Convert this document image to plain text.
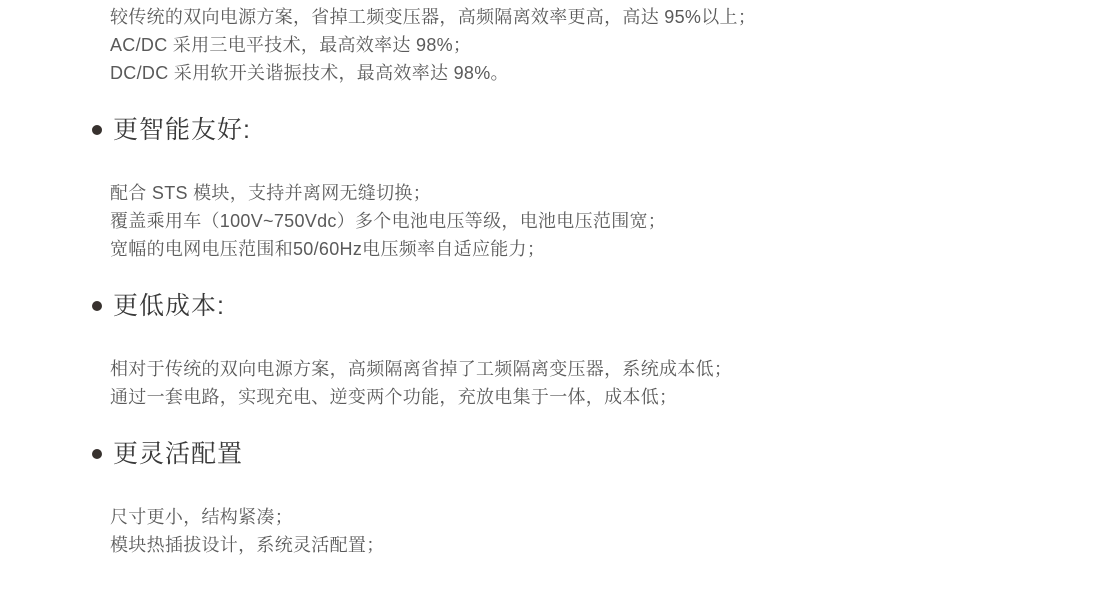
较传统的双向电源方案，省掉工频变压器，高频隔离效率更高，高达 95%以上；

AC/DC 采用三电平技术，最高效率达 98%；

DC/DC 采用软开关谐振技术，最高效率达 98%。

更智能友好:

配合 STS 模块，支持并离网无缝切换；

覆盖乘用车（100V~750Vdc）多个电池电压等级，电池电压范围宽；

宽幅的电网电压范围和50/60Hz电压频率自适应能力；

更低成本:

相对于传统的双向电源方案，高频隔离省掉了工频隔离变压器，系统成本低；

通过一套电路，实现充电、逆变两个功能，充放电集于一体，成本低；

更灵活配置

尺寸更小，结构紧凑；

模块热插拔设计，系统灵活配置；
